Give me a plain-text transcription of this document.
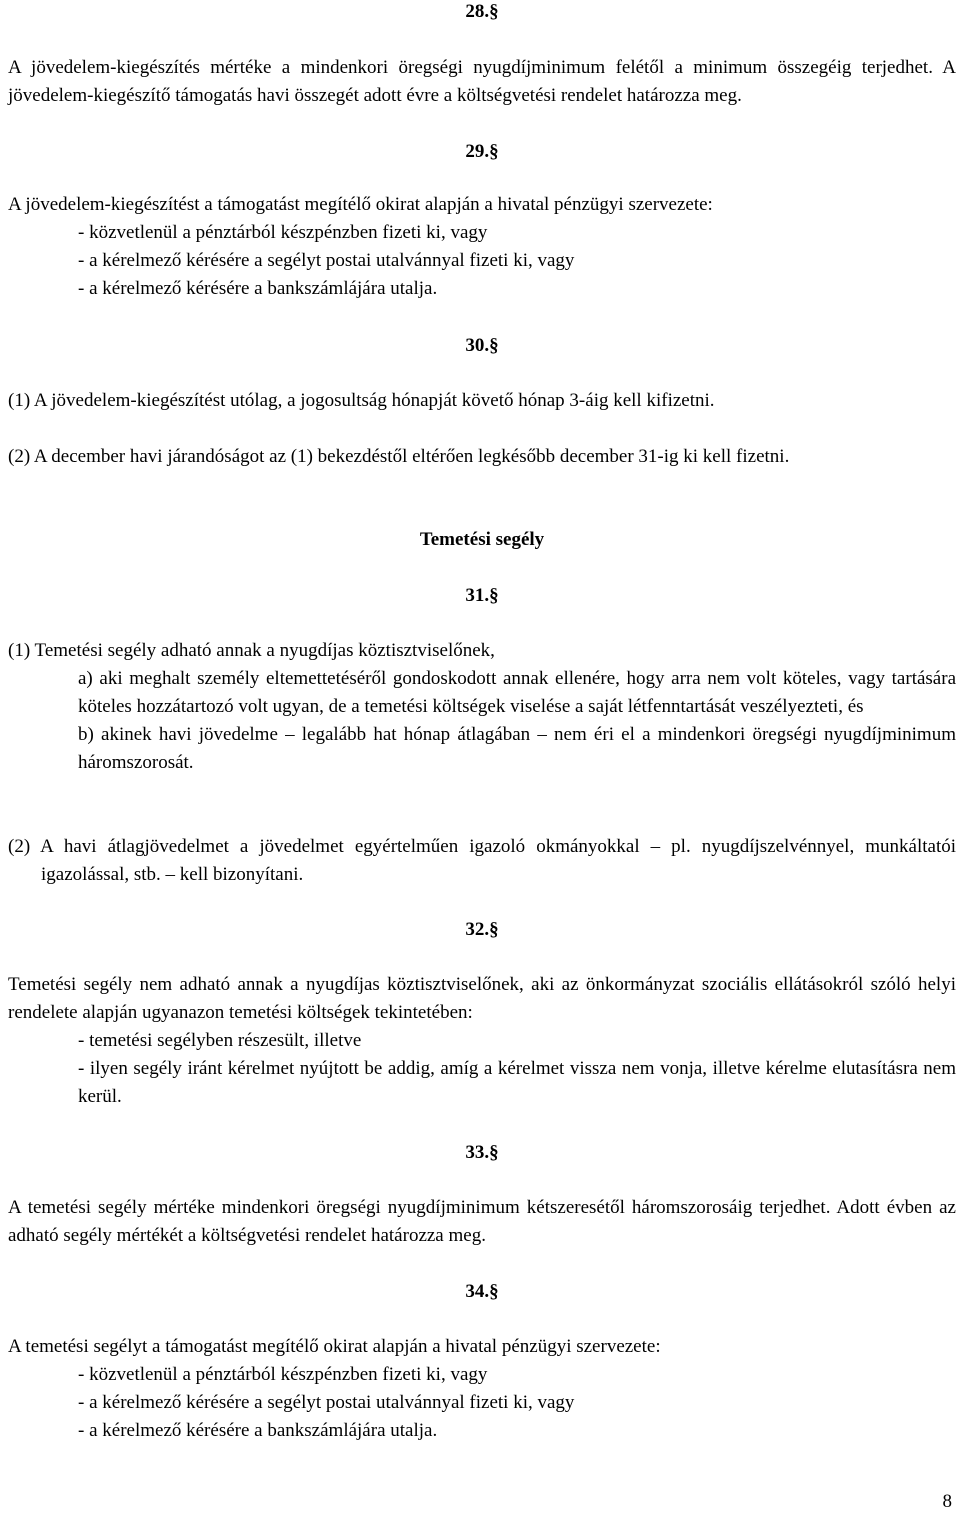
28.§

A jövedelem-kiegészítés mértéke a mindenkori öregségi nyugdíjminimum felétől a minimum összegéig terjedhet. A jövedelem-kiegészítő támogatás havi összegét adott évre a költségvetési rendelet határozza meg.

29.§

A jövedelem-kiegészítést a támogatást megítélő okirat alapján a hivatal pénzügyi szervezete:

- közvetlenül a pénztárból készpénzben fizeti ki, vagy
- a kérelmező kérésére a segélyt postai utalvánnyal fizeti ki, vagy
- a kérelmező kérésére a bankszámlájára utalja.

30.§

(1) A jövedelem-kiegészítést utólag, a jogosultság hónapját követő hónap 3-áig kell kifizetni.

(2) A december havi járandóságot az (1) bekezdéstől eltérően legkésőbb december 31-ig ki kell fizetni.

Temetési segély

31.§

(1) Temetési segély adható annak a nyugdíjas köztisztviselőnek,

a) aki meghalt személy eltemettetéséről gondoskodott annak ellenére, hogy arra nem volt köteles, vagy tartására köteles hozzátartozó volt ugyan, de a temetési költségek viselése a saját létfenntartását veszélyezteti, és
b) akinek havi jövedelme – legalább hat hónap átlagában – nem éri el a mindenkori öregségi nyugdíjminimum háromszorosát.

(2) A havi átlagjövedelmet a jövedelmet egyértelműen igazoló okmányokkal – pl. nyugdíjszelvénnyel, munkáltatói igazolással, stb. – kell bizonyítani.

32.§

Temetési segély nem adható annak a nyugdíjas köztisztviselőnek, aki az önkormányzat szociális ellátásokról szóló helyi rendelete alapján ugyanazon temetési költségek tekintetében:

- temetési segélyben részesült, illetve
- ilyen segély iránt kérelmet nyújtott be addig, amíg a kérelmet vissza nem vonja, illetve kérelme elutasításra nem kerül.

33.§

A temetési segély mértéke mindenkori öregségi nyugdíjminimum kétszeresétől háromszorosáig terjedhet. Adott évben az adható segély mértékét a költségvetési rendelet határozza meg.

34.§

A temetési segélyt a támogatást megítélő okirat alapján a hivatal pénzügyi szervezete:

- közvetlenül a pénztárból készpénzben fizeti ki, vagy
- a kérelmező kérésére a segélyt postai utalvánnyal fizeti ki, vagy
- a kérelmező kérésére a bankszámlájára utalja.
8
